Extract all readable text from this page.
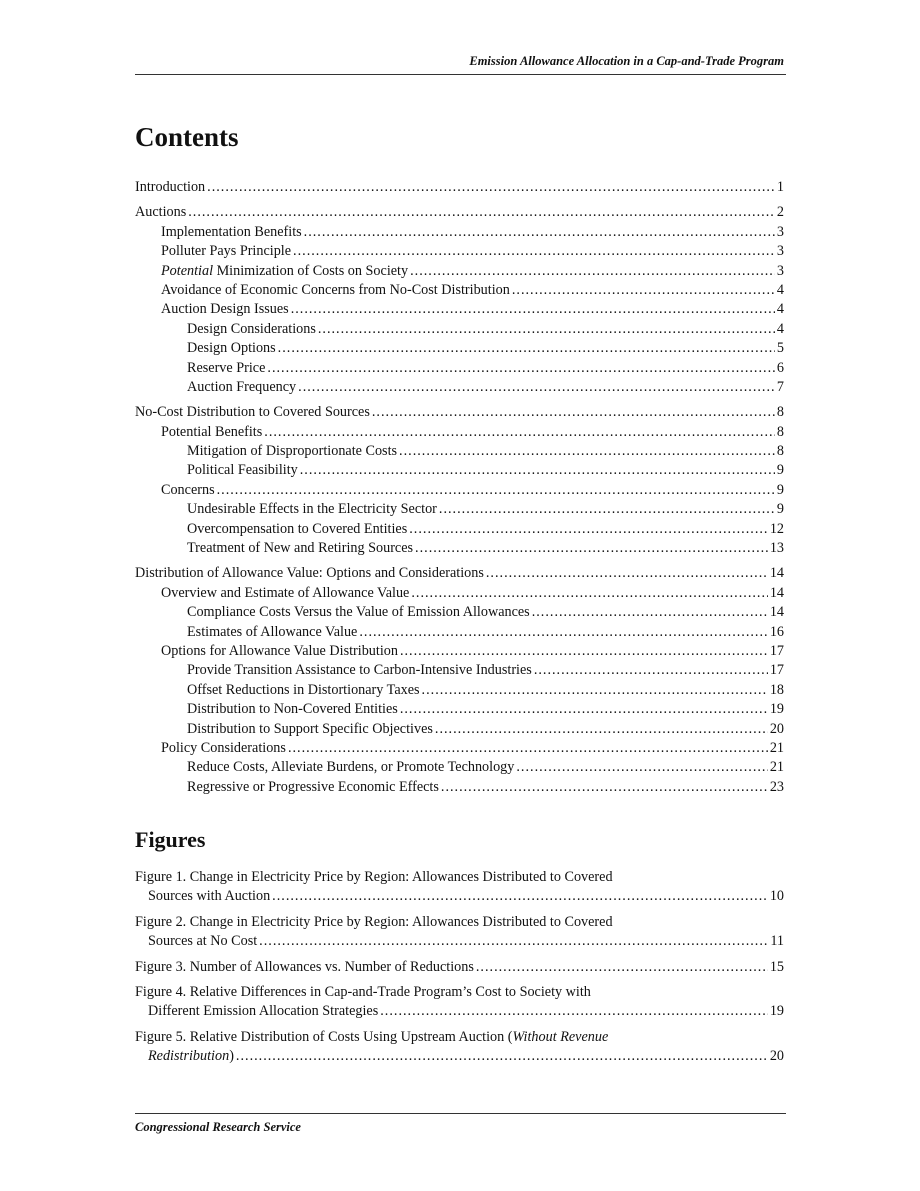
Emission Allowance Allocation in a Cap-and-Trade Program
Contents
Introduction .....	1
Auctions .....	2
Implementation Benefits .....	3
Polluter Pays Principle .....	3
Potential Minimization of Costs on Society .....	3
Avoidance of Economic Concerns from No-Cost Distribution .....	4
Auction Design Issues .....	4
Design Considerations .....	4
Design Options .....	5
Reserve Price .....	6
Auction Frequency .....	7
No-Cost Distribution to Covered Sources .....	8
Potential Benefits .....	8
Mitigation of Disproportionate Costs .....	8
Political Feasibility .....	9
Concerns .....	9
Undesirable Effects in the Electricity Sector .....	9
Overcompensation to Covered Entities .....	12
Treatment of New and Retiring Sources .....	13
Distribution of Allowance Value: Options and Considerations .....	14
Overview and Estimate of Allowance Value .....	14
Compliance Costs Versus the Value of Emission Allowances .....	14
Estimates of Allowance Value .....	16
Options for Allowance Value Distribution .....	17
Provide Transition Assistance to Carbon-Intensive Industries .....	17
Offset Reductions in Distortionary Taxes .....	18
Distribution to Non-Covered Entities .....	19
Distribution to Support Specific Objectives .....	20
Policy Considerations .....	21
Reduce Costs, Alleviate Burdens, or Promote Technology .....	21
Regressive or Progressive Economic Effects .....	23
Figures
Figure 1. Change in Electricity Price by Region: Allowances Distributed to Covered
Sources with Auction .....	10
Figure 2. Change in Electricity Price by Region: Allowances Distributed to Covered
Sources at No Cost .....	11
Figure 3. Number of Allowances vs. Number of Reductions .....	15
Figure 4. Relative Differences in Cap-and-Trade Program’s Cost to Society with
Different Emission Allocation Strategies .....	19
Figure 5. Relative Distribution of Costs Using Upstream Auction (Without Revenue
Redistribution) .....	20
Congressional Research Service
